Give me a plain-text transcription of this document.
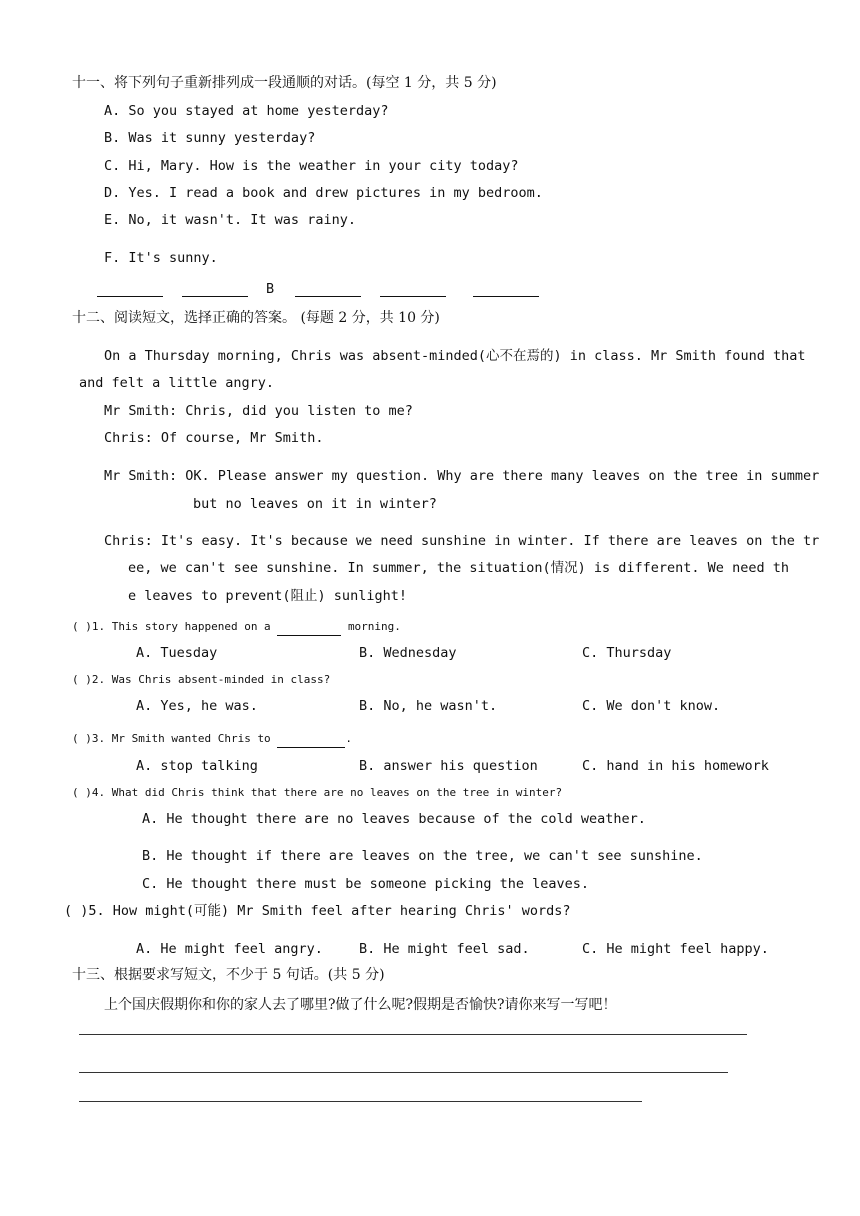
十一、将下列句子重新排列成一段通顺的对话。(每空 1 分，共 5 分)
A. So you stayed at home yesterday?
B. Was it sunny yesterday?
C. Hi, Mary. How is the weather in your city today?
D. Yes. I read a book and drew pictures in my bedroom.
E. No, it wasn't. It was rainy.
F. It's sunny.
B
十二、阅读短文，选择正确的答案。 (每题 2 分，共 10 分)
On a Thursday morning, Chris was absent-minded(心不在焉的) in class. Mr Smith found that
and felt a little angry.
Mr Smith: Chris, did you listen to me?
Chris: Of course, Mr Smith.
Mr Smith: OK. Please answer my question. Why are there many leaves on the tree in summer
but no leaves on it in winter?
Chris: It's easy. It's because we need sunshine in winter. If there are leaves on the tr
ee, we can't see sunshine. In summer, the situation(情况) is different. We need th
e leaves to prevent(阻止) sunlight!
( )1. This story happened on a	morning.
A. Tuesday	B. Wednesday	C. Thursday
( )2. Was Chris absent-minded in class?
A. Yes, he was.	B. No, he wasn't.	C. We don't know.
( )3. Mr Smith wanted Chris to	.
A. stop talking	B. answer his question	C. hand in his homework
( )4. What did Chris think that there are no leaves on the tree in winter?
A. He thought there are no leaves because of the cold weather.
B. He thought if there are leaves on the tree, we can't see sunshine.
C. He thought there must be someone picking the leaves.
( )5. How might(可能) Mr Smith feel after hearing Chris' words?
A. He might feel angry.	B. He might feel sad.	C. He might feel happy.
十三、根据要求写短文，不少于 5 句话。(共 5 分)
上个国庆假期你和你的家人去了哪里?做了什么呢?假期是否愉快?请你来写一写吧！
